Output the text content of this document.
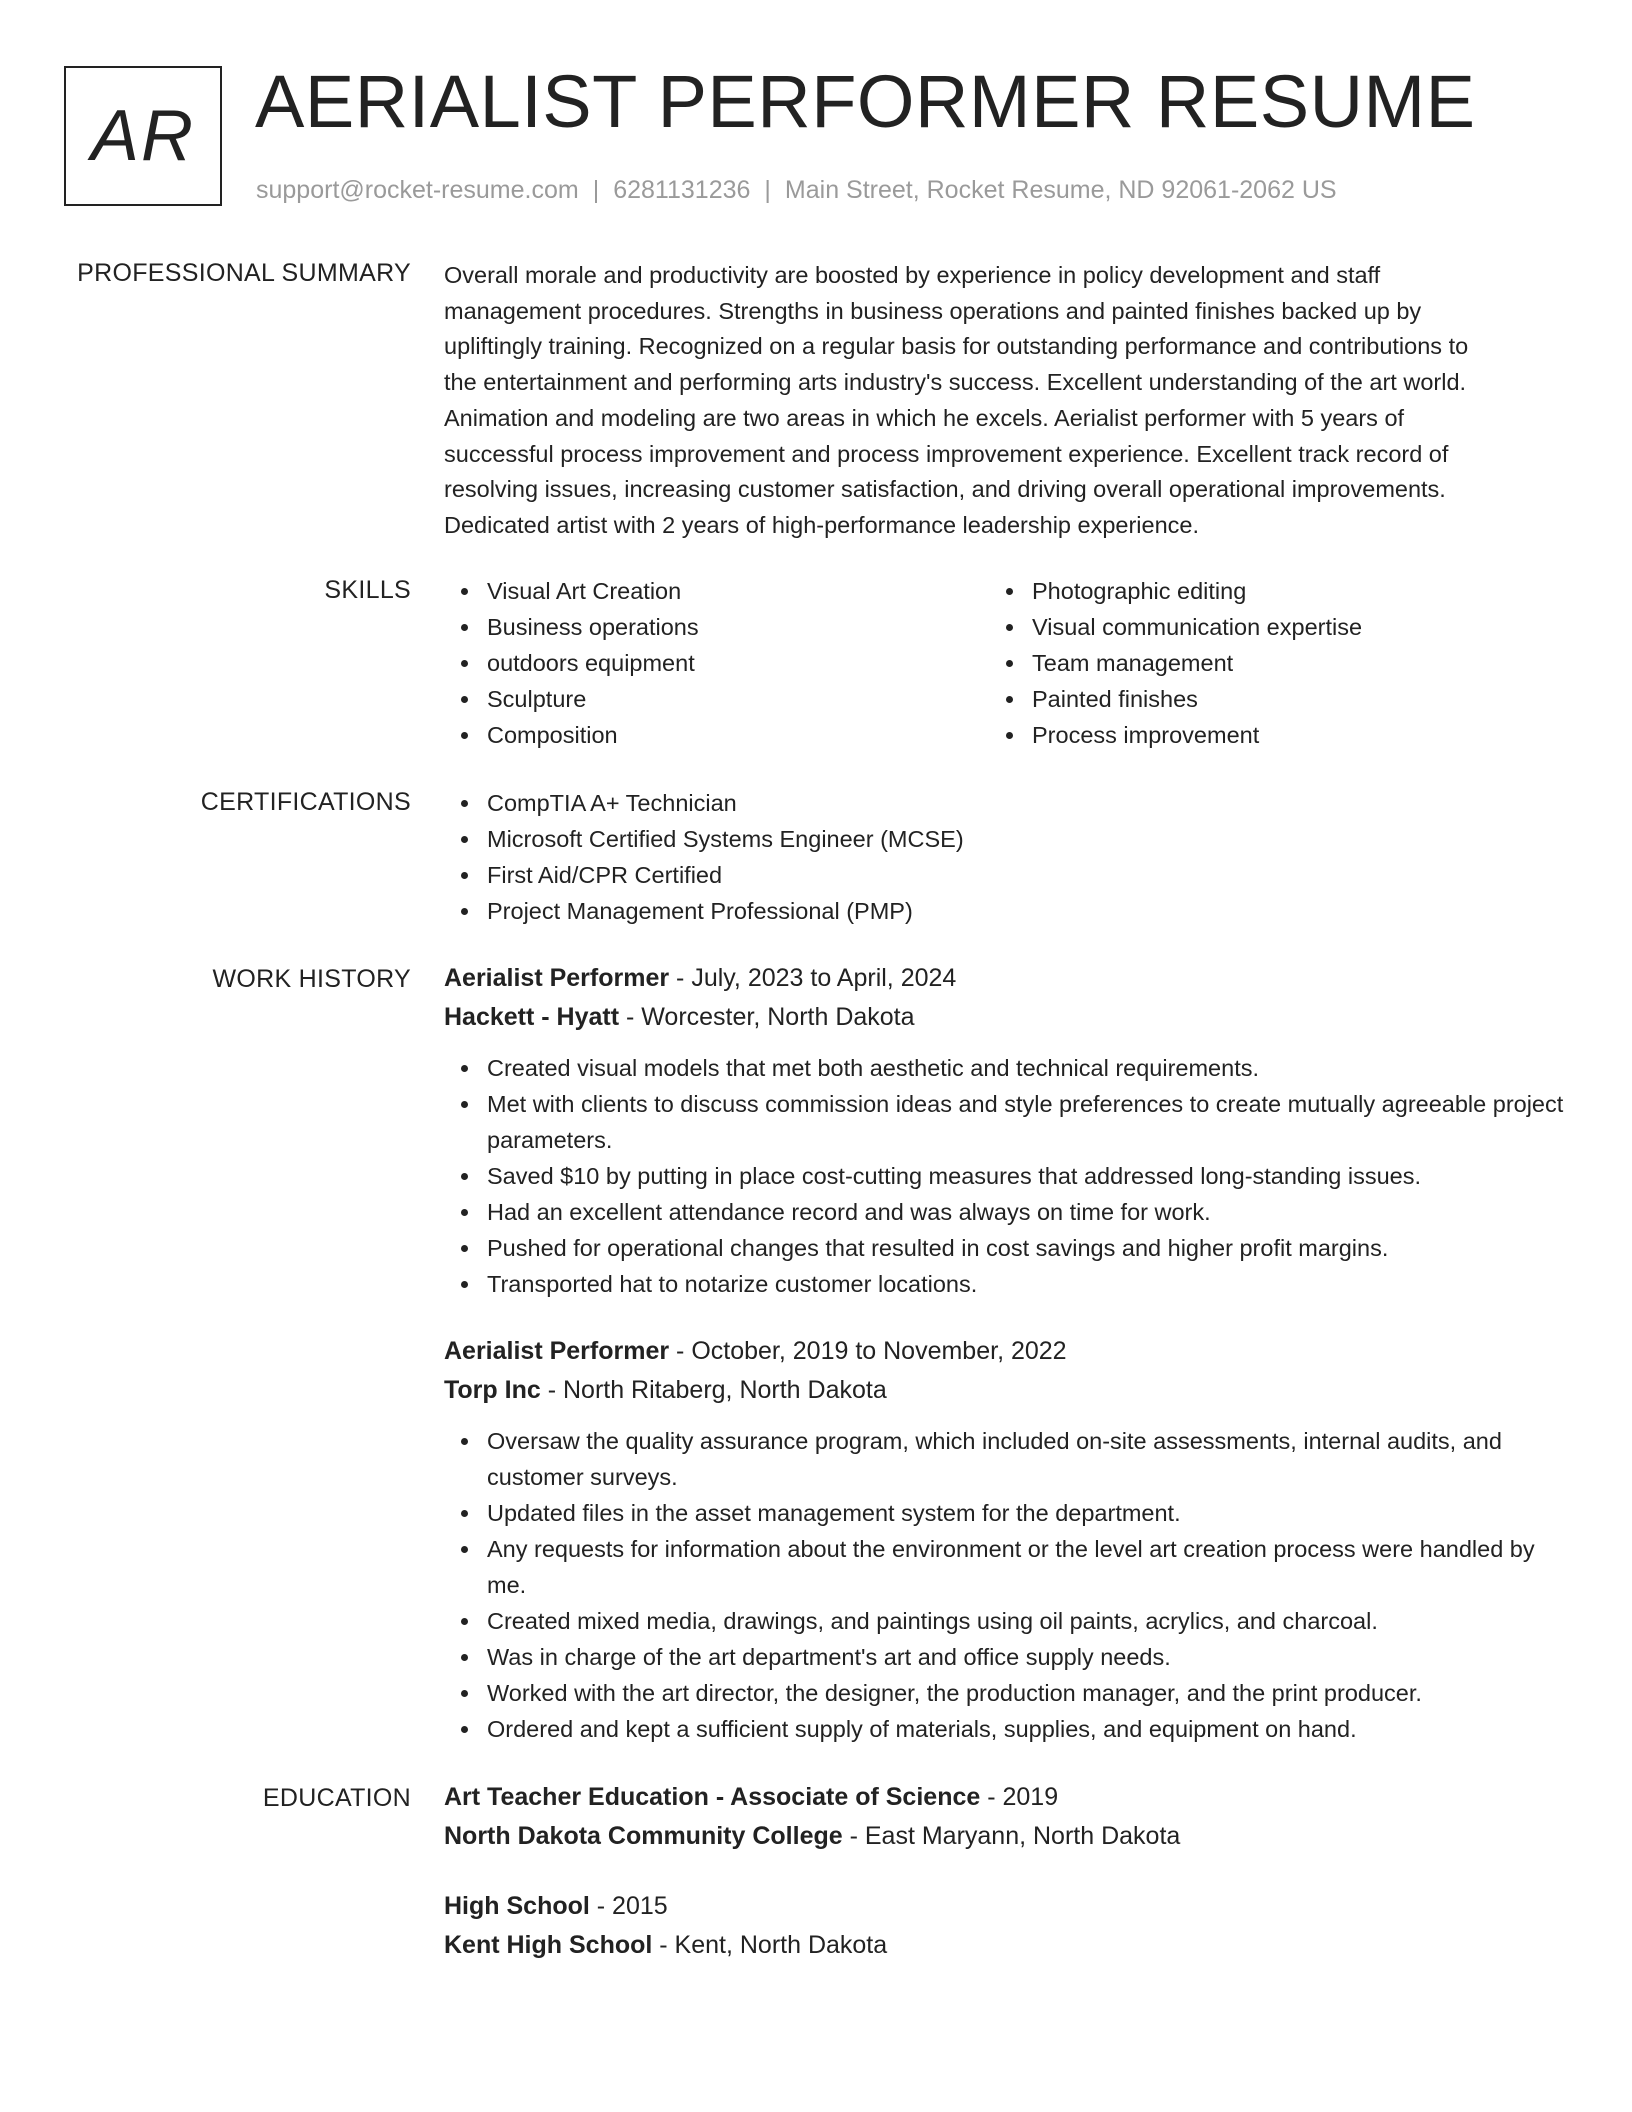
AR AERIALIST PERFORMER RESUME
support@rocket-resume.com | 6281131236 | Main Street, Rocket Resume, ND 92061-2062 US
PROFESSIONAL SUMMARY Overall morale and productivity are boosted by experience in policy development and staff

management procedures. Strengths in business operations and painted finishes backed up by

upliftingly training. Recognized on a regular basis for outstanding performance and contributions to

the entertainment and performing arts industry's success. Excellent understanding of the art world.

Animation and modeling are two areas in which he excels. Aerialist performer with 5 years of

successful process improvement and process improvement experience. Excellent track record of

resolving issues, increasing customer satisfaction, and driving overall operational improvements.

Dedicated artist with 2 years of high-performance leadership experience.

SKILLS	Visual Art Creation
Business operations
outdoors equipment
Sculpture
Composition
Photographic editing
Visual communication expertise
Team management
Painted finishes
Process improvement
CERTIFICATIONS	CompTIA A+ Technician
Microsoft Certified Systems Engineer (MCSE)
First Aid/CPR Certified
Project Management Professional (PMP)
WORK HISTORY Aerialist Performer - July, 2023 to April, 2024
Hackett - Hyatt - Worcester, North Dakota
Created visual models that met both aesthetic and technical requirements.
Met with clients to discuss commission ideas and style preferences to create mutually agreeable project parameters.
Saved $10 by putting in place cost-cutting measures that addressed long-standing issues.
Had an excellent attendance record and was always on time for work.
Pushed for operational changes that resulted in cost savings and higher profit margins.
Transported hat to notarize customer locations.
Aerialist Performer - October, 2019 to November, 2022
Torp Inc - North Ritaberg, North Dakota
Oversaw the quality assurance program, which included on-site assessments, internal audits, and customer surveys.
Updated files in the asset management system for the department.
Any requests for information about the environment or the level art creation process were handled by me.
Created mixed media, drawings, and paintings using oil paints, acrylics, and charcoal.
Was in charge of the art department's art and office supply needs.
Worked with the art director, the designer, the production manager, and the print producer.
Ordered and kept a sufficient supply of materials, supplies, and equipment on hand.
EDUCATION Art Teacher Education - Associate of Science - 2019
North Dakota Community College - East Maryann, North Dakota
High School - 2015
Kent High School - Kent, North Dakota
